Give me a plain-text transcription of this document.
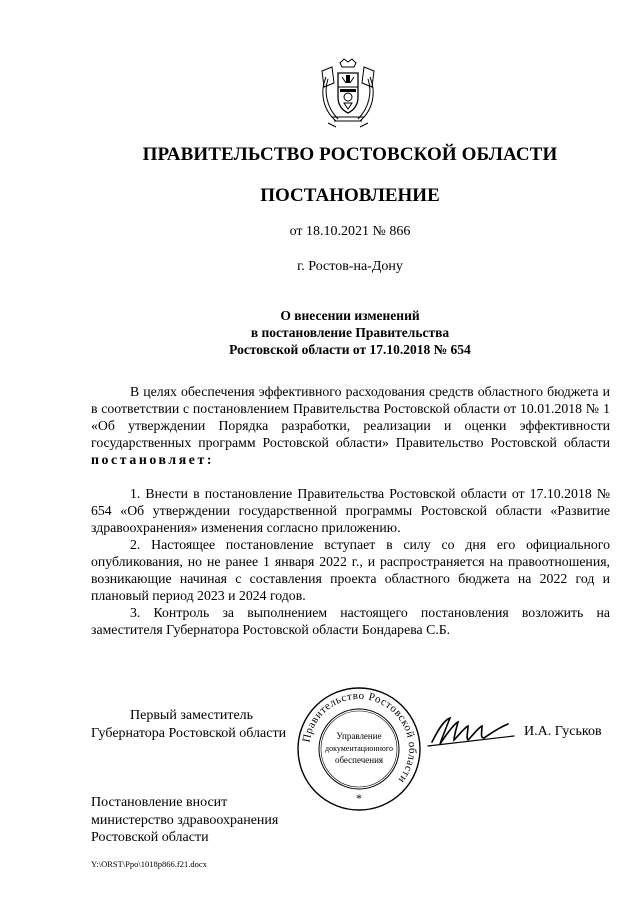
ПРАВИТЕЛЬСТВО РОСТОВСКОЙ ОБЛАСТИ
ПОСТАНОВЛЕНИЕ
от 18.10.2021 № 866
г. Ростов-на-Дону
О внесении изменений
в постановление Правительства
Ростовской области от 17.10.2018 № 654

В целях обеспечения эффективного расходования средств областного бюджета и в соответствии с постановлением Правительства Ростовской области от 10.01.2018 № 1 «Об утверждении Порядка разработки, реализации и оценки эффективности государственных программ Ростовской области» Правительство Ростовской области постановляет:

1. Внести в постановление Правительства Ростовской области от 17.10.2018 № 654 «Об утверждении государственной программы Ростовской области «Развитие здравоохранения» изменения согласно приложению.

2. Настоящее постановление вступает в силу со дня его официального опубликования, но не ранее 1 января 2022 г., и распространяется на правоотношения, возникающие начиная с составления проекта областного бюджета на 2022 год и плановый период 2023 и 2024 годов.

3. Контроль за выполнением настоящего постановления возложить на заместителя Губернатора Ростовской области Бондарева С.Б.

Первый заместитель
Губернатора Ростовской области	И.А. Гуськов
Правительство Ростовской области
Управление
документационного
обеспечения
*
Постановление вносит
министерство здравоохранения
Ростовской области
Y:\ORST\Ppo\1018p866.f21.docx
